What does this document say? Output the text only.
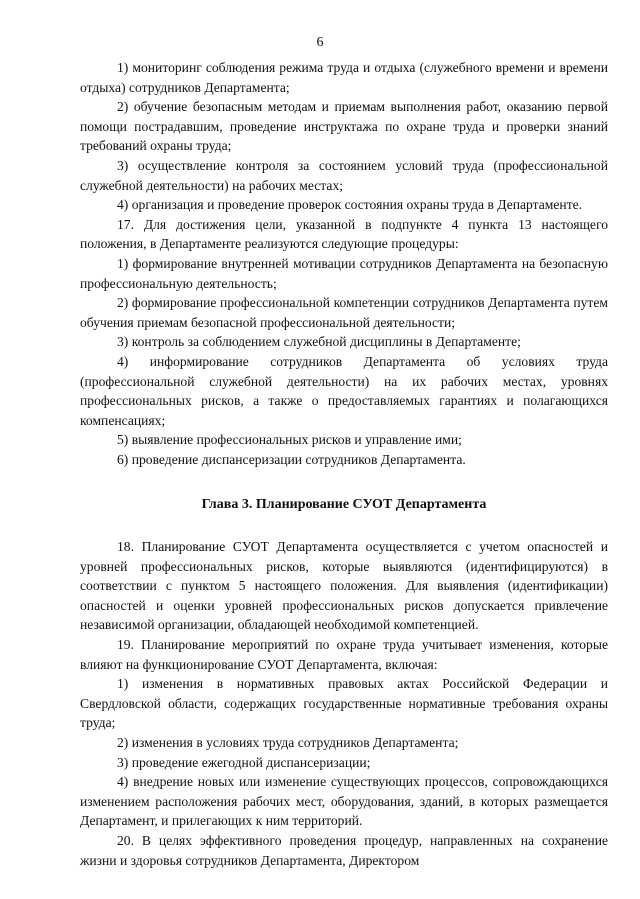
6

1) мониторинг соблюдения режима труда и отдыха (служебного времени и времени отдыха) сотрудников Департамента;

2) обучение безопасным методам и приемам выполнения работ, оказанию первой помощи пострадавшим, проведение инструктажа по охране труда и проверки знаний требований охраны труда;

3) осуществление контроля за состоянием условий труда (профессиональной служебной деятельности) на рабочих местах;

4) организация и проведение проверок состояния охраны труда в Департаменте.

17. Для достижения цели, указанной в подпункте 4 пункта 13 настоящего положения, в Департаменте реализуются следующие процедуры:

1) формирование внутренней мотивации сотрудников Департамента на безопасную профессиональную деятельность;

2) формирование профессиональной компетенции сотрудников Департамента путем обучения приемам безопасной профессиональной деятельности;

3) контроль за соблюдением служебной дисциплины в Департаменте;

4) информирование сотрудников Департамента об условиях труда (профессиональной служебной деятельности) на их рабочих местах, уровнях профессиональных рисков, а также о предоставляемых гарантиях и полагающихся компенсациях;

5) выявление профессиональных рисков и управление ими;

6) проведение диспансеризации сотрудников Департамента.

Глава 3. Планирование СУОТ Департамента

18. Планирование СУОТ Департамента осуществляется с учетом опасностей и уровней профессиональных рисков, которые выявляются (идентифицируются) в соответствии с пунктом 5 настоящего положения. Для выявления (идентификации) опасностей и оценки уровней профессиональных рисков допускается привлечение независимой организации, обладающей необходимой компетенцией.

19. Планирование мероприятий по охране труда учитывает изменения, которые влияют на функционирование СУОТ Департамента, включая:

1) изменения в нормативных правовых актах Российской Федерации и Свердловской области, содержащих государственные нормативные требования охраны труда;

2) изменения в условиях труда сотрудников Департамента;

3) проведение ежегодной диспансеризации;

4) внедрение новых или изменение существующих процессов, сопровождающихся изменением расположения рабочих мест, оборудования, зданий, в которых размещается Департамент, и прилегающих к ним территорий.

20. В целях эффективного проведения процедур, направленных на сохранение жизни и здоровья сотрудников Департамента, Директором
